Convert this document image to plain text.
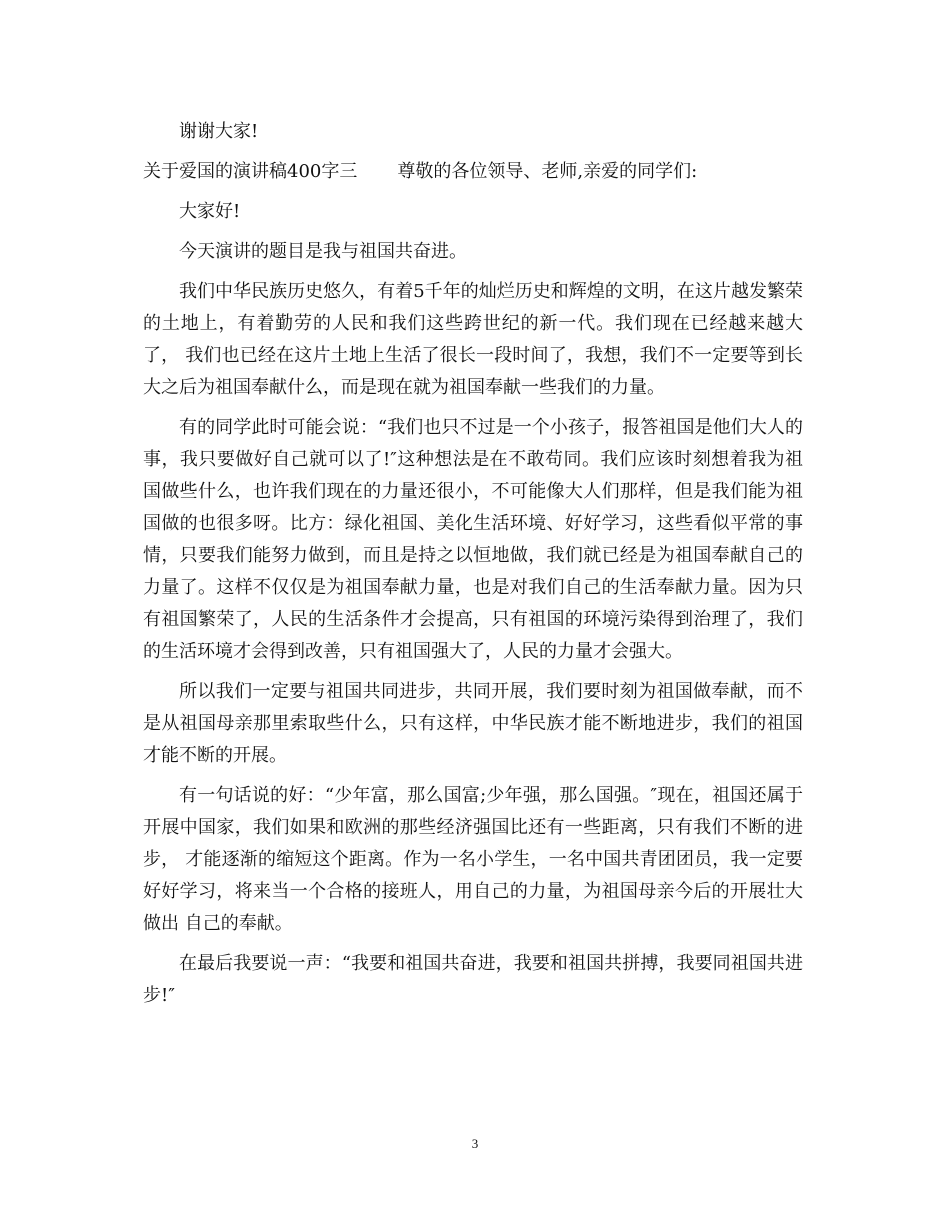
谢谢大家!

关于爱国的演讲稿400字三 尊敬的各位领导、老师,亲爱的同学们:

大家好!

今天演讲的题目是我与祖国共奋进。

我们中华民族历史悠久，有着5千年的灿烂历史和辉煌的文明，在这片越发繁荣的土地上，有着勤劳的人民和我们这些跨世纪的新一代。我们现在已经越来越大了， 我们也已经在这片土地上生活了很长一段时间了，我想，我们不一定要等到长大之后为祖国奉献什么，而是现在就为祖国奉献一些我们的力量。

有的同学此时可能会说：“我们也只不过是一个小孩子，报答祖国是他们大人的事，我只要做好自己就可以了!″这种想法是在不敢苟同。我们应该时刻想着我为祖 国做些什么，也许我们现在的力量还很小，不可能像大人们那样，但是我们能为祖国做的也很多呀。比方：绿化祖国、美化生活环境、好好学习，这些看似平常的事 情，只要我们能努力做到，而且是持之以恒地做，我们就已经是为祖国奉献自己的力量了。这样不仅仅是为祖国奉献力量，也是对我们自己的生活奉献力量。因为只 有祖国繁荣了，人民的生活条件才会提高，只有祖国的环境污染得到治理了，我们的生活环境才会得到改善，只有祖国强大了，人民的力量才会强大。

所以我们一定要与祖国共同进步，共同开展，我们要时刻为祖国做奉献，而不是从祖国母亲那里索取些什么，只有这样，中华民族才能不断地进步，我们的祖国才能不断的开展。

有一句话说的好：“少年富，那么国富;少年强，那么国强。″现在，祖国还属于开展中国家，我们如果和欧洲的那些经济强国比还有一些距离，只有我们不断的进步， 才能逐渐的缩短这个距离。作为一名小学生，一名中国共青团团员，我一定要好好学习，将来当一个合格的接班人，用自己的力量，为祖国母亲今后的开展壮大做出 自己的奉献。

在最后我要说一声：“我要和祖国共奋进，我要和祖国共拼搏，我要同祖国共进步!″

3
